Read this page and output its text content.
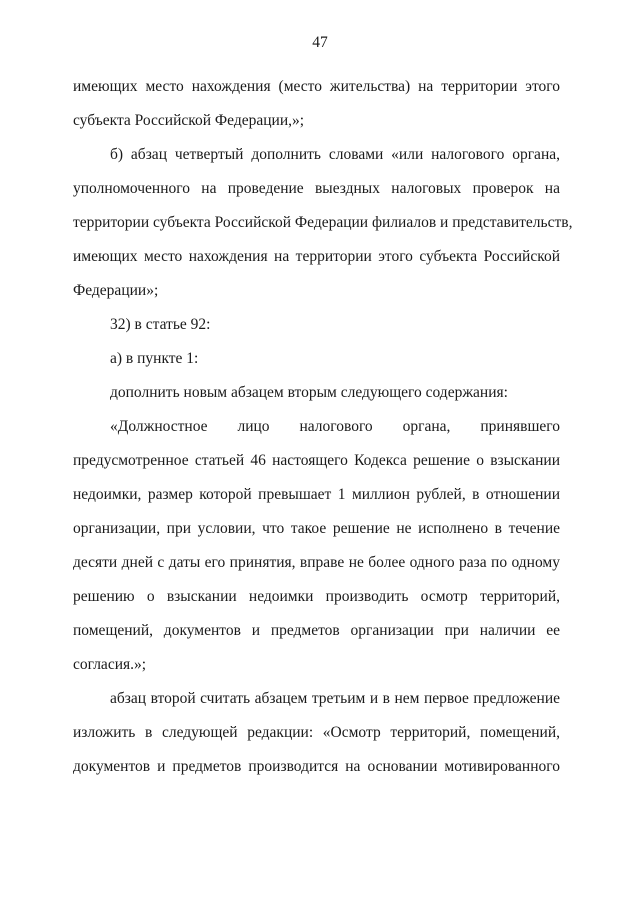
47
имеющих место нахождения (место жительства) на территории этого
субъекта Российской Федерации,»;
б) абзац четвертый дополнить словами «или налогового органа,
уполномоченного на проведение выездных налоговых проверок на
территории субъекта Российской Федерации филиалов и представительств,
имеющих место нахождения на территории этого субъекта Российской
Федерации»;
32) в статье 92:
а) в пункте 1:
дополнить новым абзацем вторым следующего содержания:
«Должностное лицо налогового органа, принявшего
предусмотренное статьей 46 настоящего Кодекса решение о взыскании
недоимки, размер которой превышает 1 миллион рублей, в отношении
организации, при условии, что такое решение не исполнено в течение
десяти дней с даты его принятия, вправе не более одного раза по одному
решению о взыскании недоимки производить осмотр территорий,
помещений, документов и предметов организации при наличии ее
согласия.»;
абзац второй считать абзацем третьим и в нем первое предложение
изложить в следующей редакции: «Осмотр территорий, помещений,
документов и предметов производится на основании мотивированного
